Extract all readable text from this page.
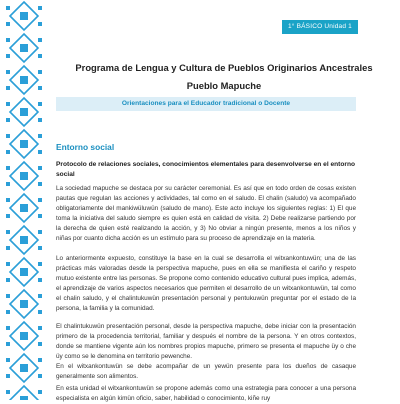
1° BÁSICO Unidad 1
Programa de Lengua y Cultura de Pueblos Originarios Ancestrales
Pueblo Mapuche
Orientaciones para el Educador tradicional o Docente
Entorno social
Protocolo de relaciones sociales, conocimientos elementales para desenvolverse en el entorno social

La sociedad mapuche se destaca por su carácter ceremonial. Es así que en todo orden de cosas existen pautas que regulan las acciones y actividades, tal como en el saludo. El chalin (saludo) va acompañado obligatoriamente del mankiwüluwün (saludo de mano). Este acto incluye los siguientes reglas: 1) El que toma la iniciativa del saludo siempre es quien está en calidad de visita. 2) Debe realizarse partiendo por la derecha de quien esté realizando la acción, y 3) No obviar a ningún presente, menos a los niños y niñas por cuanto dicha acción es un estímulo para su proceso de aprendizaje en la materia.

Lo anteriormente expuesto, constituye la base en la cual se desarrolla el witxankontuwün; una de las prácticas más valoradas desde la perspectiva mapuche, pues en ella se manifiesta el cariño y respeto mutuo existente entre las personas. Se propone como contenido educativo cultural pues implica, además, el aprendizaje de varios aspectos necesarios que permiten el desarrollo de un witxankontuwün, tal como el chalin saludo, y el chalintukuwün presentación personal y pentukuwün preguntar por el estado de la persona, la familia y la comunidad.

El chalintukuwün presentación personal, desde la perspectiva mapuche, debe iniciar con la presentación primero de la procedencia territorial, familiar y después el nombre de la persona. Y en otros contextos, donde se mantiene vigente aún los nombres propios mapuche, primero se presenta el mapuche üy o che üy como se le denomina en territorio pewenche.

En el witxankontuwün se debe acompañar de un yewün presente para los dueños de casaque generalmente son alimentos.

En esta unidad el witxankontuwün se propone además como una estrategia para conocer a una persona especialista en algún kimün oficio, saber, habilidad o conocimiento, kiñe ruy
